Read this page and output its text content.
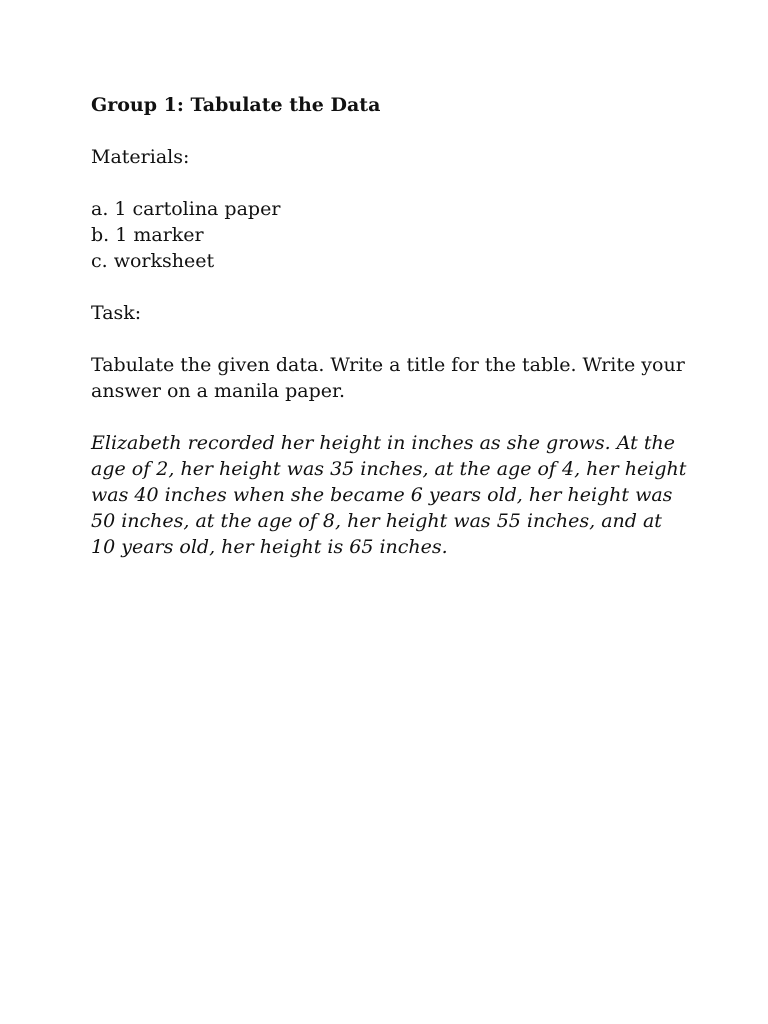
Group 1: Tabulate the Data
Materials:
a. 1 cartolina paper
b. 1 marker
c. worksheet
Task:

Tabulate the given data. Write a title for the table. Write your answer on a manila paper.

Elizabeth recorded her height in inches as she grows. At the age of 2, her height was 35 inches, at the age of 4, her height was 40 inches when she became 6 years old, her height was 50 inches, at the age of 8, her height was 55 inches, and at 10 years old, her height is 65 inches.
